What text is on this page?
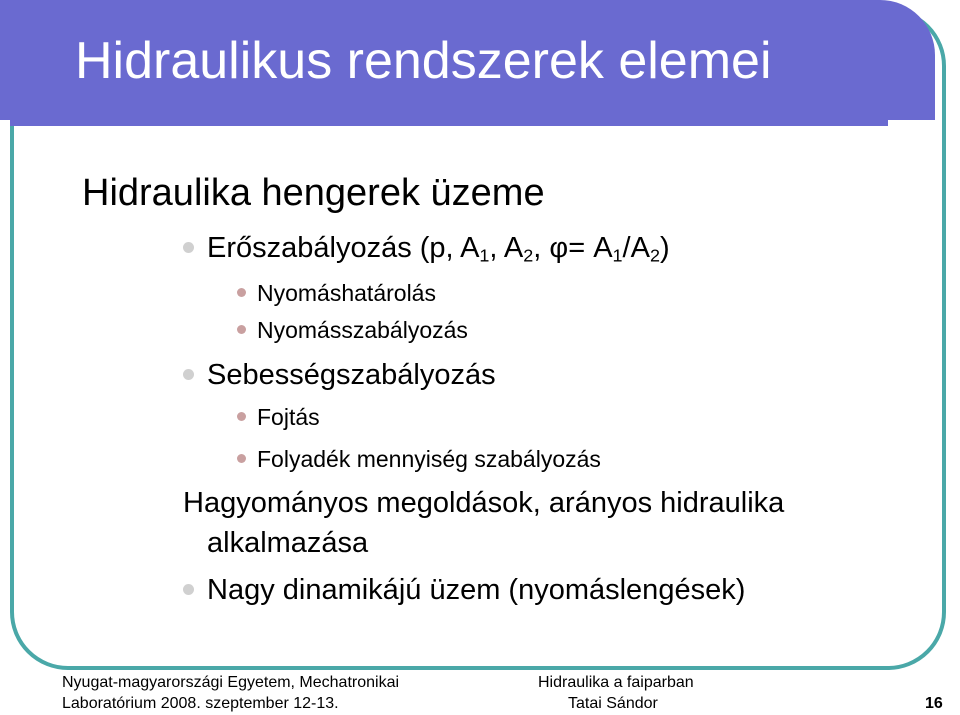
Hidraulikus rendszerek elemei
Hidraulika hengerek üzeme
Erőszabályozás (p, $A_1$, $A_2$, $\varphi= A_1/A_2$)
Nyomáshatárolás
Nyomásszabályozás
Sebességszabályozás
Fojtás
Folyadék mennyiség szabályozás
Hagyományos megoldások, arányos hidraulika
alkalmazása
Nagy dinamikájú üzem (nyomáslengések)
Nyugat-magyarországi Egyetem, Mechatronikai
Laboratórium 2008. szeptember 12-13.
Hidraulika a faiparban
Tatai Sándor	16
